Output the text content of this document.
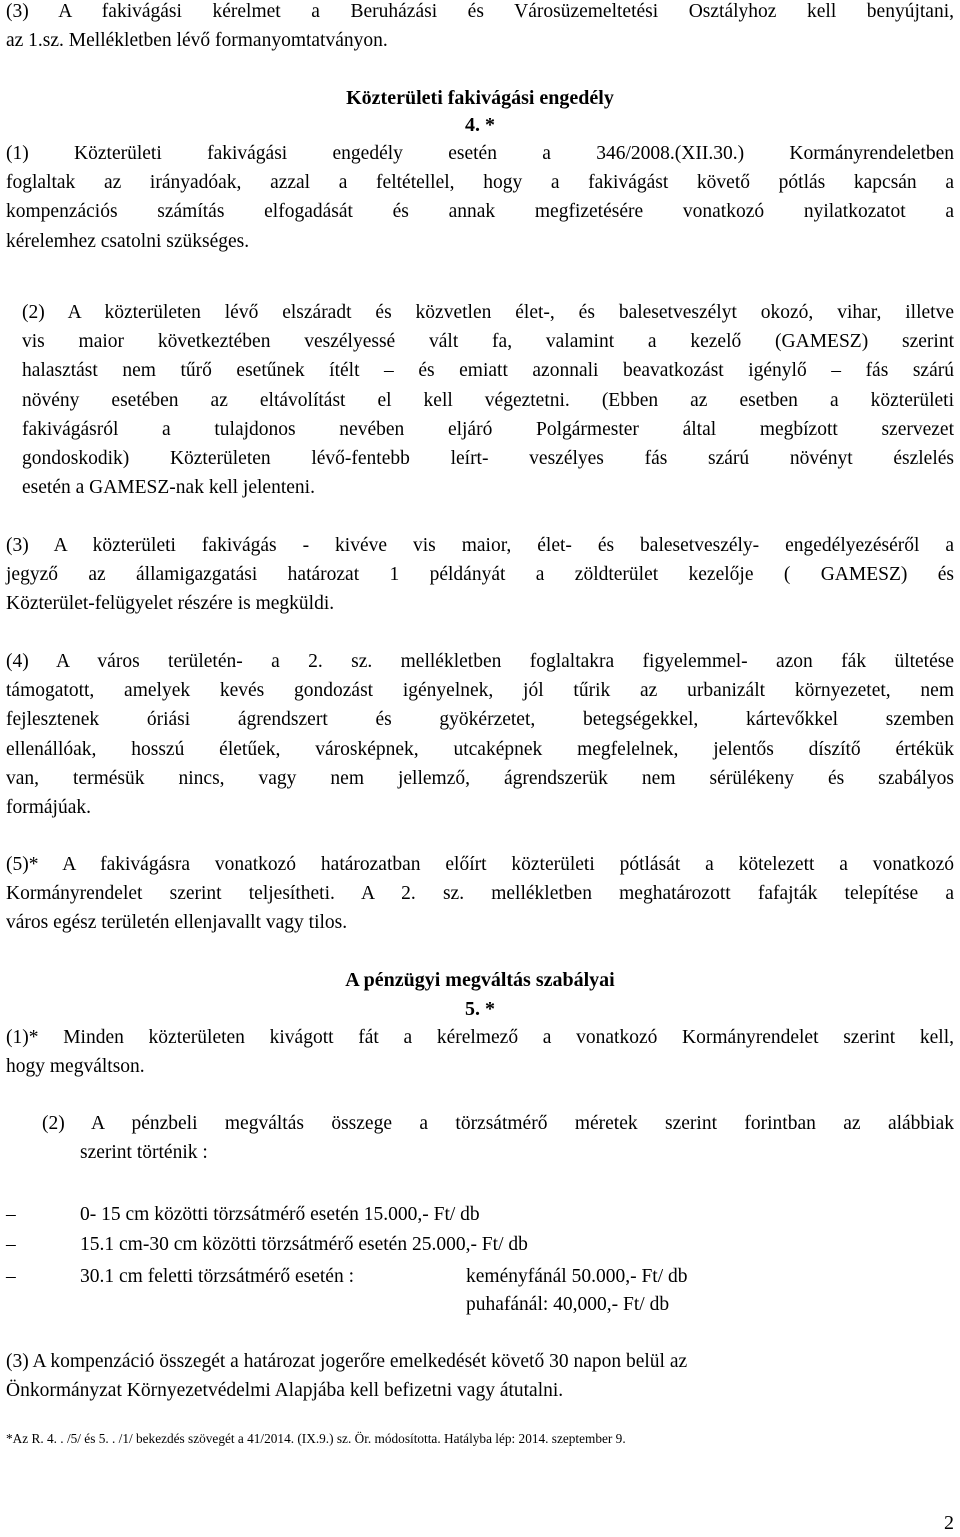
(3) A fakivágási kérelmet a Beruházási és Városüzemeltetési Osztályhoz kell benyújtani,
az 1.sz. Mellékletben lévő formanyomtatványon.
Közterületi fakivágási engedély
4. *
(1) Közterületi fakivágási engedély esetén a 346/2008.(XII.30.) Kormányrendeletben
foglaltak az irányadóak, azzal a feltétellel, hogy a fakivágást követő pótlás kapcsán a
kompenzációs számítás elfogadását és annak megfizetésére vonatkozó nyilatkozatot a
kérelemhez csatolni szükséges.
(2) A közterületen lévő elszáradt és közvetlen élet-, és balesetveszélyt okozó, vihar, illetve
vis maior következtében veszélyessé vált fa, valamint a kezelő (GAMESZ) szerint
halasztást nem tűrő esetűnek ítélt – és emiatt azonnali beavatkozást igénylő – fás szárú
növény esetében az eltávolítást el kell végeztetni. (Ebben az esetben a közterületi
fakivágásról a tulajdonos nevében eljáró Polgármester által megbízott szervezet
gondoskodik) Közterületen lévő-fentebb leírt- veszélyes fás szárú növényt észlelés
esetén a GAMESZ-nak kell jelenteni.
(3) A közterületi fakivágás - kivéve vis maior, élet- és balesetveszély- engedélyezéséről a
jegyző az államigazgatási határozat 1 példányát a zöldterület kezelője ( GAMESZ) és
Közterület-felügyelet részére is megküldi.
(4) A város területén- a 2. sz. mellékletben foglaltakra figyelemmel- azon fák ültetése
támogatott, amelyek kevés gondozást igényelnek, jól tűrik az urbanizált környezetet, nem
fejlesztenek óriási ágrendszert és gyökérzetet, betegségekkel, kártevőkkel szemben
ellenállóak, hosszú életűek, városképnek, utcaképnek megfelelnek, jelentős díszítő értékük
van, termésük nincs, vagy nem jellemző, ágrendszerük nem sérülékeny és szabályos
formájúak.
(5)* A fakivágásra vonatkozó határozatban előírt közterületi pótlását a kötelezett a vonatkozó
Kormányrendelet szerint teljesítheti. A 2. sz. mellékletben meghatározott fafajták telepítése a
város egész területén ellenjavallt vagy tilos.
A pénzügyi megváltás szabályai
5. *
(1)* Minden közterületen kivágott fát a kérelmező a vonatkozó Kormányrendelet szerint kell,
hogy megváltson.
(2) A pénzbeli megváltás összege a törzsátmérő méretek szerint forintban az alábbiak
szerint történik :
–	0- 15 cm közötti törzsátmérő esetén 15.000,- Ft/ db
–	15.1 cm-30 cm közötti törzsátmérő esetén 25.000,- Ft/ db
–	30.1 cm feletti törzsátmérő esetén :	keményfánál 50.000,- Ft/ db
puhafánál: 40,000,- Ft/ db
(3) A kompenzáció összegét a határozat jogerőre emelkedését követő 30 napon belül az
Önkormányzat Környezetvédelmi Alapjába kell befizetni vagy átutalni.
*Az R. 4. . /5/ és 5. . /1/ bekezdés szövegét a 41/2014. (IX.9.) sz. Ör. módosította. Hatályba lép: 2014. szeptember 9.
2
